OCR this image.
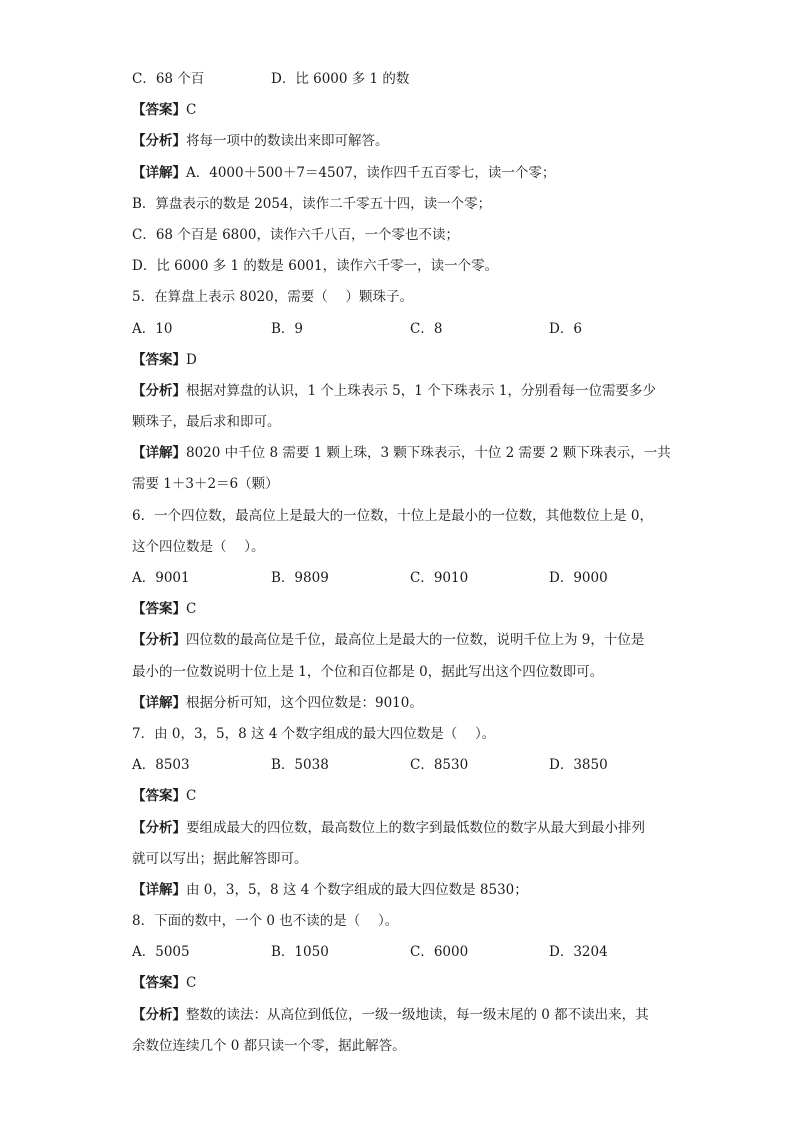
C．68 个百	D．比 6000 多 1 的数
【答案】C
【分析】将每一项中的数读出来即可解答。
【详解】A．4000＋500＋7＝4507，读作四千五百零七，读一个零；
B．算盘表示的数是 2054，读作二千零五十四，读一个零；
C．68 个百是 6800，读作六千八百，一个零也不读；
D．比 6000 多 1 的数是 6001，读作六千零一，读一个零。
5．在算盘上表示 8020，需要（　 ）颗珠子。
A．10	B．9	C．8	D．6
【答案】D
【分析】根据对算盘的认识，1 个上珠表示 5，1 个下珠表示 1，分别看每一位需要多少
颗珠子，最后求和即可。
【详解】8020 中千位 8 需要 1 颗上珠，3 颗下珠表示，十位 2 需要 2 颗下珠表示，一共
需要 1＋3＋2＝6（颗）
6．一个四位数，最高位上是最大的一位数，十位上是最小的一位数，其他数位上是 0，
这个四位数是（　 ）。
A．9001	B．9809	C．9010	D．9000
【答案】C
【分析】四位数的最高位是千位，最高位上是最大的一位数，说明千位上为 9，十位是
最小的一位数说明十位上是 1，个位和百位都是 0，据此写出这个四位数即可。
【详解】根据分析可知，这个四位数是：9010。
7．由 0，3，5，8 这 4 个数字组成的最大四位数是（　 ）。
A．8503	B．5038	C．8530	D．3850
【答案】C
【分析】要组成最大的四位数，最高数位上的数字到最低数位的数字从最大到最小排列
就可以写出；据此解答即可。
【详解】由 0，3，5，8 这 4 个数字组成的最大四位数是 8530；
8．下面的数中，一个 0 也不读的是（　 ）。
A．5005	B．1050	C．6000	D．3204
【答案】C
【分析】整数的读法：从高位到低位，一级一级地读，每一级末尾的 0 都不读出来，其
余数位连续几个 0 都只读一个零，据此解答。
